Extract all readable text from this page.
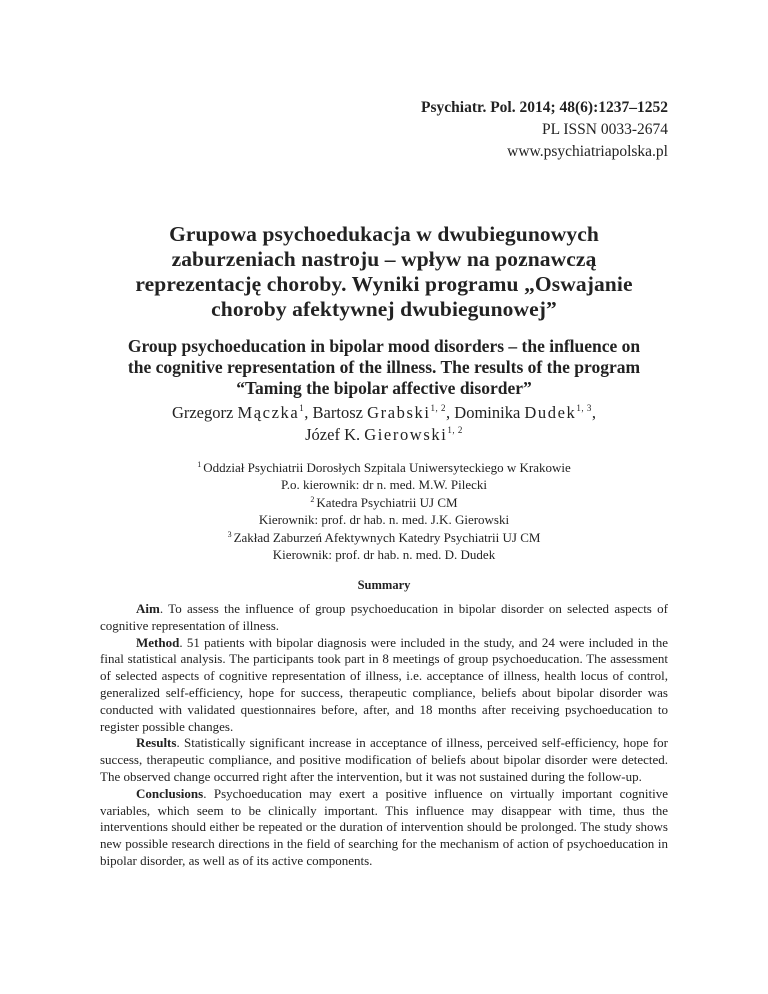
Psychiatr. Pol. 2014; 48(6):1237–1252
PL ISSN 0033-2674
www.psychiatriapolska.pl
Grupowa psychoedukacja w dwubiegunowych
zaburzeniach nastroju – wpływ na poznawczą
reprezentację choroby. Wyniki programu „Oswajanie
choroby afektywnej dwubiegunowej”
Group psychoeducation in bipolar mood disorders – the influence on
the cognitive representation of the illness. The results of the program
“Taming the bipolar affective disorder”
Grzegorz Mączka$^1$, Bartosz Grabski$^{1, 2}$, Dominika Dudek$^{1, 3}$,
Józef K. Gierowski$^{1, 2}$
$^1$ Oddział Psychiatrii Dorosłych Szpitala Uniwersyteckiego w Krakowie
P.o. kierownik: dr n. med. M.W. Pilecki
$^2$ Katedra Psychiatrii UJ CM
Kierownik: prof. dr hab. n. med. J.K. Gierowski
$^3$ Zakład Zaburzeń Afektywnych Katedry Psychiatrii UJ CM
Kierownik: prof. dr hab. n. med. D. Dudek
Summary

Aim. To assess the influence of group psychoeducation in bipolar disorder on selected aspects of cognitive representation of illness.

Method. 51 patients with bipolar diagnosis were included in the study, and 24 were included in the final statistical analysis. The participants took part in 8 meetings of group psychoeducation. The assessment of selected aspects of cognitive representation of illness, i.e. acceptance of illness, health locus of control, generalized self-efficiency, hope for success, therapeutic compliance, beliefs about bipolar disorder was conducted with validated questionnaires before, after, and 18 months after receiving psychoeducation to register possible changes.

Results. Statistically significant increase in acceptance of illness, perceived self-efficiency, hope for success, therapeutic compliance, and positive modification of beliefs about bipolar disorder were detected. The observed change occurred right after the intervention, but it was not sustained during the follow-up.

Conclusions. Psychoeducation may exert a positive influence on virtually important cognitive variables, which seem to be clinically important. This influence may disappear with time, thus the interventions should either be repeated or the duration of intervention should be prolonged. The study shows new possible research directions in the field of searching for the mechanism of action of psychoeducation in bipolar disorder, as well as of its active components.
